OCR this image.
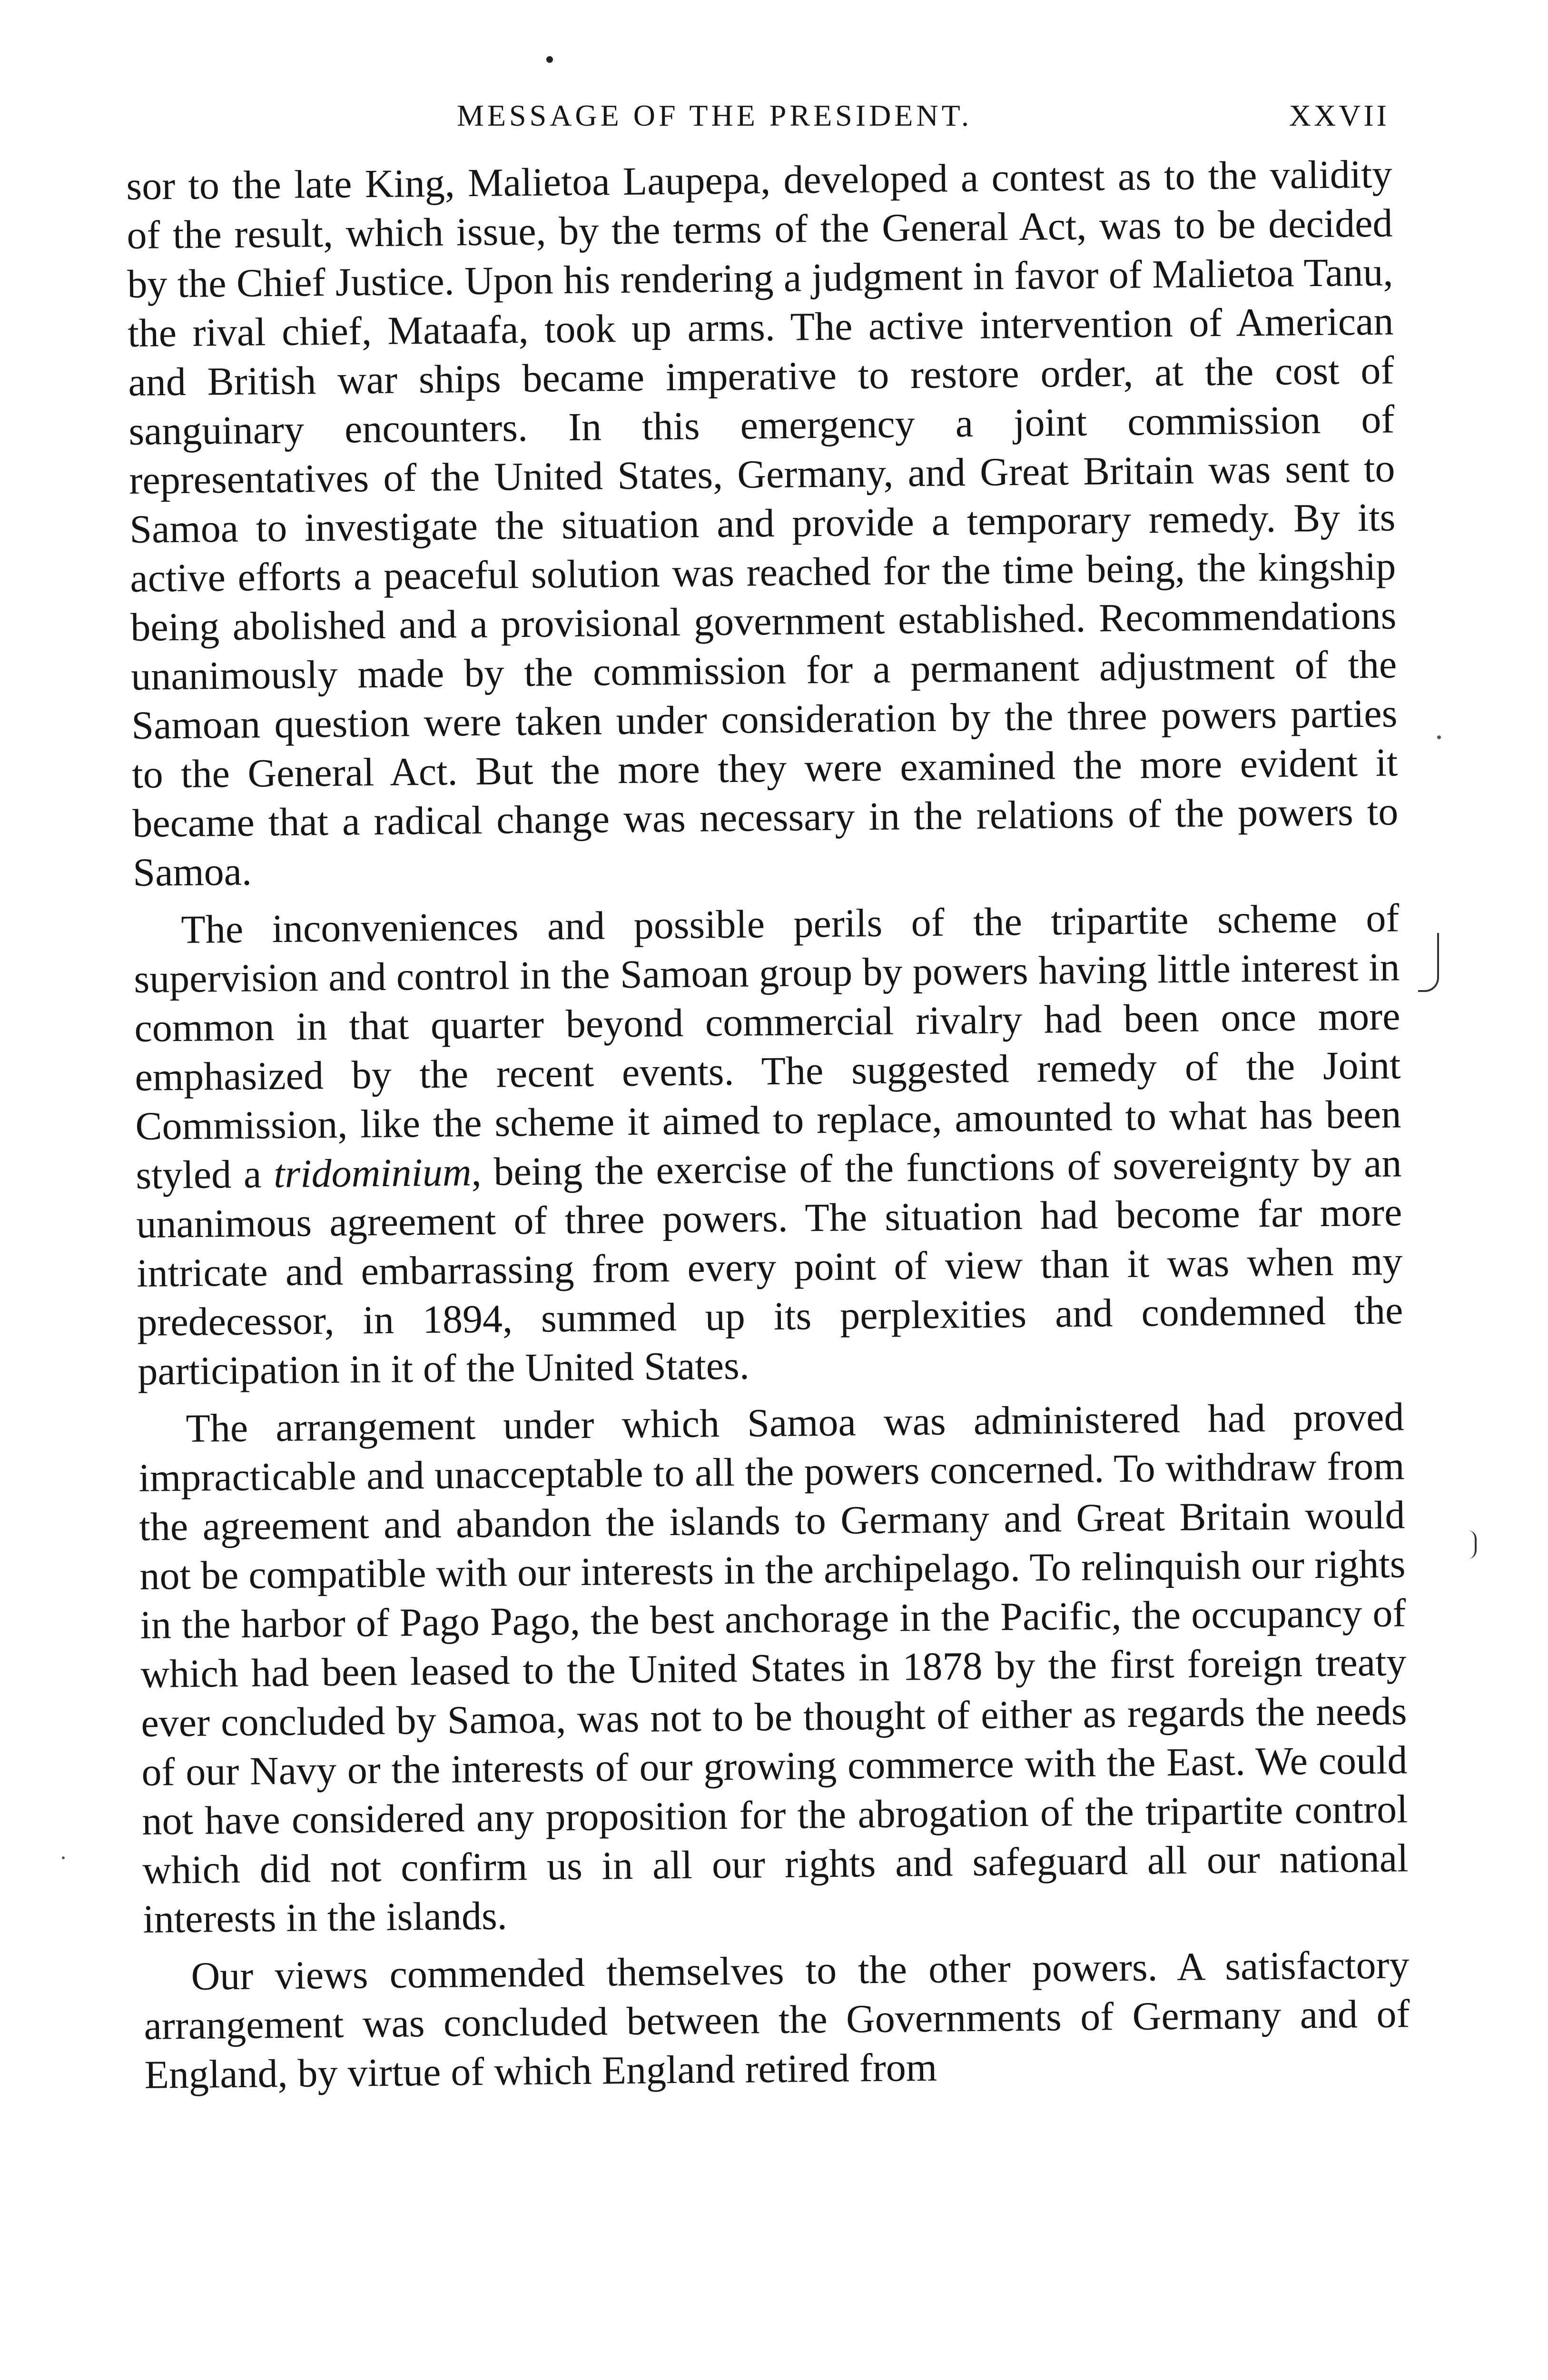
MESSAGE OF THE PRESIDENT.	XXVII

sor to the late King, Malietoa Laupepa, developed a contest as to the validity of the result, which issue, by the terms of the General Act, was to be decided by the Chief Justice. Upon his rendering a judgment in favor of Malietoa Tanu, the rival chief, Mataafa, took up arms. The active intervention of American and British war ships became imperative to restore order, at the cost of sanguinary encounters. In this emergency a joint commission of representatives of the United States, Germany, and Great Britain was sent to Samoa to investigate the situation and provide a temporary remedy. By its active efforts a peaceful solution was reached for the time being, the kingship being abolished and a provisional government established. Recommendations unanimously made by the commission for a permanent adjustment of the Samoan question were taken under consideration by the three powers parties to the General Act. But the more they were examined the more evident it became that a radical change was necessary in the relations of the powers to Samoa.

The inconveniences and possible perils of the tripartite scheme of supervision and control in the Samoan group by powers having little interest in common in that quarter beyond commercial rivalry had been once more emphasized by the recent events. The suggested remedy of the Joint Commission, like the scheme it aimed to replace, amounted to what has been styled a tridominium, being the exercise of the functions of sovereignty by an unanimous agreement of three powers. The situation had become far more intricate and embarrassing from every point of view than it was when my predecessor, in 1894, summed up its perplexities and condemned the participation in it of the United States.

The arrangement under which Samoa was administered had proved impracticable and unacceptable to all the powers concerned. To withdraw from the agreement and abandon the islands to Germany and Great Britain would not be compatible with our interests in the archipelago. To relinquish our rights in the harbor of Pago Pago, the best anchorage in the Pacific, the occupancy of which had been leased to the United States in 1878 by the first foreign treaty ever concluded by Samoa, was not to be thought of either as regards the needs of our Navy or the interests of our growing commerce with the East. We could not have considered any proposition for the abrogation of the tripartite control which did not confirm us in all our rights and safeguard all our national interests in the islands.

Our views commended themselves to the other powers. A satisfactory arrangement was concluded between the Governments of Germany and of England, by virtue of which England retired from
